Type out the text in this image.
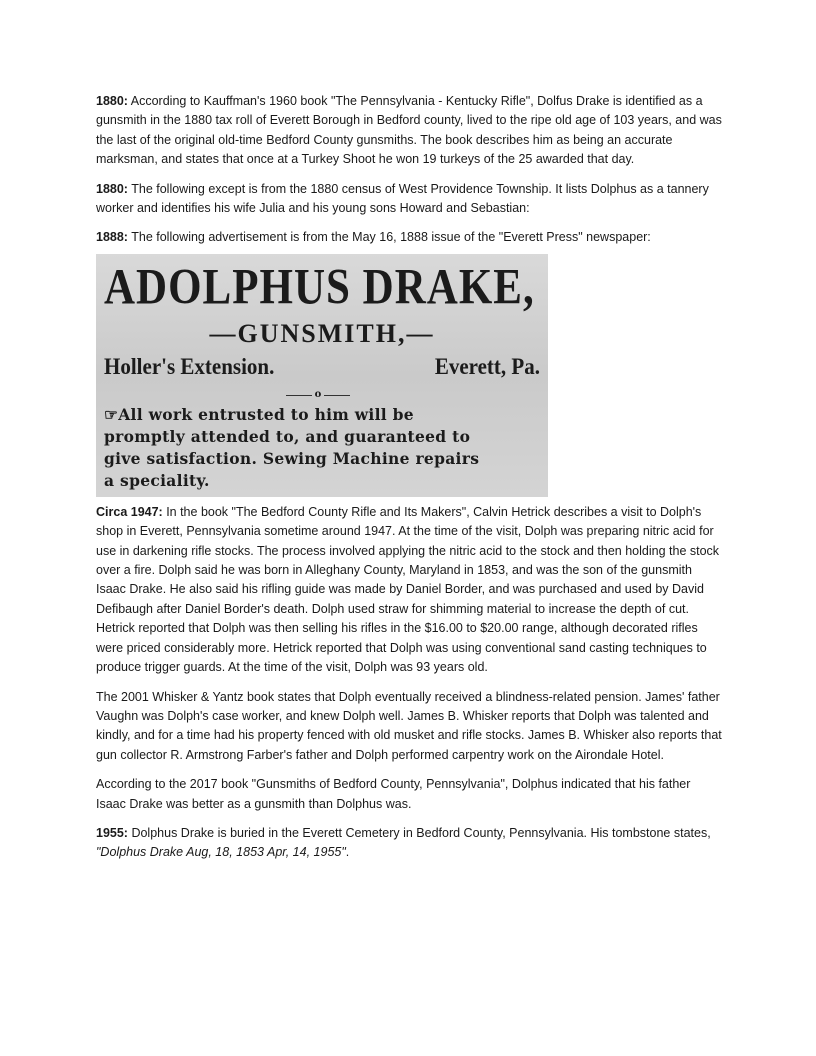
1880: According to Kauffman's 1960 book "The Pennsylvania - Kentucky Rifle", Dolfus Drake is identified as a gunsmith in the 1880 tax roll of Everett Borough in Bedford county, lived to the ripe old age of 103 years, and was the last of the original old-time Bedford County gunsmiths. The book describes him as being an accurate marksman, and states that once at a Turkey Shoot he won 19 turkeys of the 25 awarded that day.

1880: The following except is from the 1880 census of West Providence Township. It lists Dolphus as a tannery worker and identifies his wife Julia and his young sons Howard and Sebastian:

1888: The following advertisement is from the May 16, 1888 issue of the "Everett Press" newspaper:

ADOLPHUS DRAKE,
—GUNSMITH,—
Holler's Extension.	Everett, Pa.
o
☞All work entrusted to him will be
promptly attended to, and guaranteed to
give satisfaction. Sewing Machine repairs
a speciality.

Circa 1947: In the book "The Bedford County Rifle and Its Makers", Calvin Hetrick describes a visit to Dolph's shop in Everett, Pennsylvania sometime around 1947. At the time of the visit, Dolph was preparing nitric acid for use in darkening rifle stocks. The process involved applying the nitric acid to the stock and then holding the stock over a fire. Dolph said he was born in Alleghany County, Maryland in 1853, and was the son of the gunsmith Isaac Drake. He also said his rifling guide was made by Daniel Border, and was purchased and used by David Defibaugh after Daniel Border's death. Dolph used straw for shimming material to increase the depth of cut. Hetrick reported that Dolph was then selling his rifles in the $16.00 to $20.00 range, although decorated rifles were priced considerably more. Hetrick reported that Dolph was using conventional sand casting techniques to produce trigger guards. At the time of the visit, Dolph was 93 years old.

The 2001 Whisker & Yantz book states that Dolph eventually received a blindness-related pension. James' father Vaughn was Dolph's case worker, and knew Dolph well. James B. Whisker reports that Dolph was talented and kindly, and for a time had his property fenced with old musket and rifle stocks. James B. Whisker also reports that gun collector R. Armstrong Farber's father and Dolph performed carpentry work on the Airondale Hotel.

According to the 2017 book "Gunsmiths of Bedford County, Pennsylvania", Dolphus indicated that his father Isaac Drake was better as a gunsmith than Dolphus was.

1955: Dolphus Drake is buried in the Everett Cemetery in Bedford County, Pennsylvania. His tombstone states, "Dolphus Drake Aug, 18, 1853 Apr, 14, 1955".
